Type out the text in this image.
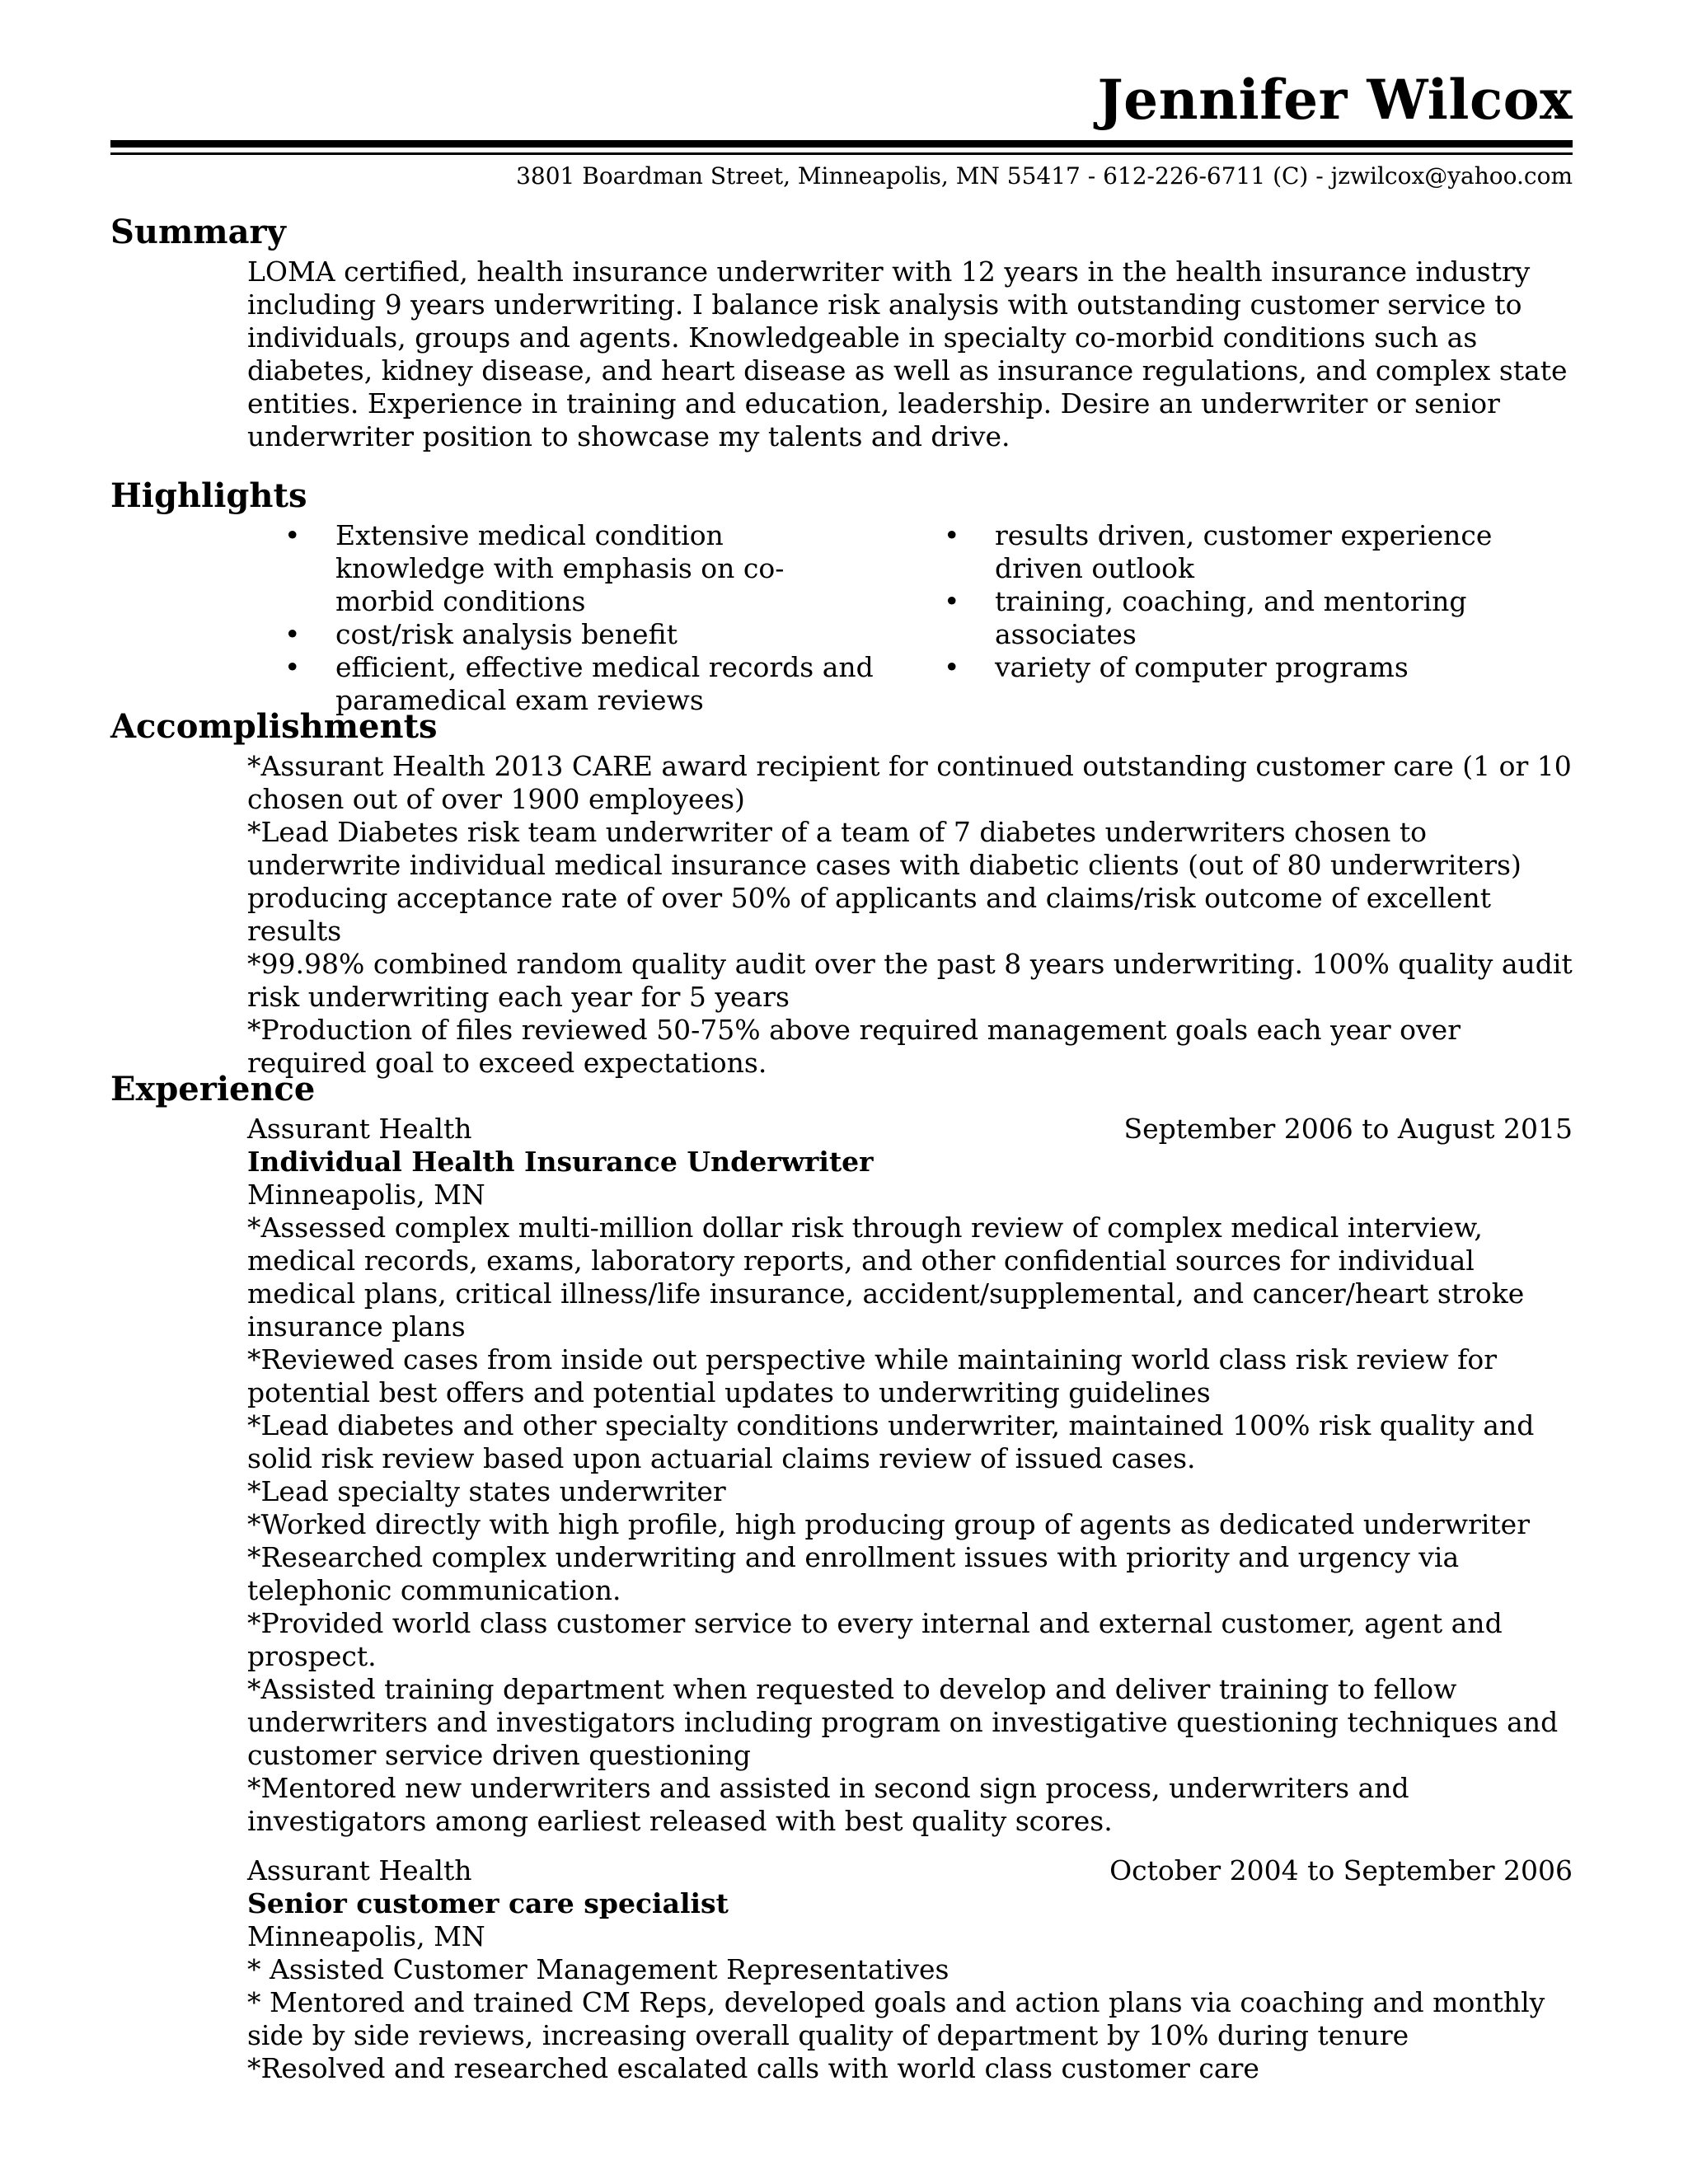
Jennifer Wilcox
3801 Boardman Street, Minneapolis, MN 55417 - 612-226-6711 (C) - jzwilcox@yahoo.com
Summary

LOMA certified, health insurance underwriter with 12 years in the health insurance industry including 9 years underwriting. I balance risk analysis with outstanding customer service to individuals, groups and agents. Knowledgeable in specialty co-morbid conditions such as diabetes, kidney disease, and heart disease as well as insurance regulations, and complex state entities. Experience in training and education, leadership. Desire an underwriter or senior underwriter position to showcase my talents and drive.

Highlights
• Extensive medical condition knowledge with emphasis on co-morbid conditions
• cost/risk analysis benefit
• efficient, effective medical records and paramedical exam reviews
• results driven, customer experience driven outlook
• training, coaching, and mentoring associates
• variety of computer programs
Accomplishments

*Assurant Health 2013 CARE award recipient for continued outstanding customer care (1 or 10 chosen out of over 1900 employees)

*Lead Diabetes risk team underwriter of a team of 7 diabetes underwriters chosen to underwrite individual medical insurance cases with diabetic clients (out of 80 underwriters) producing acceptance rate of over 50% of applicants and claims/risk outcome of excellent results

*99.98% combined random quality audit over the past 8 years underwriting. 100% quality audit risk underwriting each year for 5 years

*Production of files reviewed 50-75% above required management goals each year over required goal to exceed expectations.

Experience
Assurant Health	September 2006 to August 2015
Individual Health Insurance Underwriter
Minneapolis, MN

*Assessed complex multi-million dollar risk through review of complex medical interview, medical records, exams, laboratory reports, and other confidential sources for individual medical plans, critical illness/life insurance, accident/supplemental, and cancer/heart stroke insurance plans

*Reviewed cases from inside out perspective while maintaining world class risk review for potential best offers and potential updates to underwriting guidelines

*Lead diabetes and other specialty conditions underwriter, maintained 100% risk quality and solid risk review based upon actuarial claims review of issued cases.

*Lead specialty states underwriter

*Worked directly with high profile, high producing group of agents as dedicated underwriter

*Researched complex underwriting and enrollment issues with priority and urgency via telephonic communication.

*Provided world class customer service to every internal and external customer, agent and prospect.

*Assisted training department when requested to develop and deliver training to fellow underwriters and investigators including program on investigative questioning techniques and customer service driven questioning

*Mentored new underwriters and assisted in second sign process, underwriters and investigators among earliest released with best quality scores.

Assurant Health	October 2004 to September 2006
Senior customer care specialist
Minneapolis, MN

* Assisted Customer Management Representatives

* Mentored and trained CM Reps, developed goals and action plans via coaching and monthly side by side reviews, increasing overall quality of department by 10% during tenure

*Resolved and researched escalated calls with world class customer care
